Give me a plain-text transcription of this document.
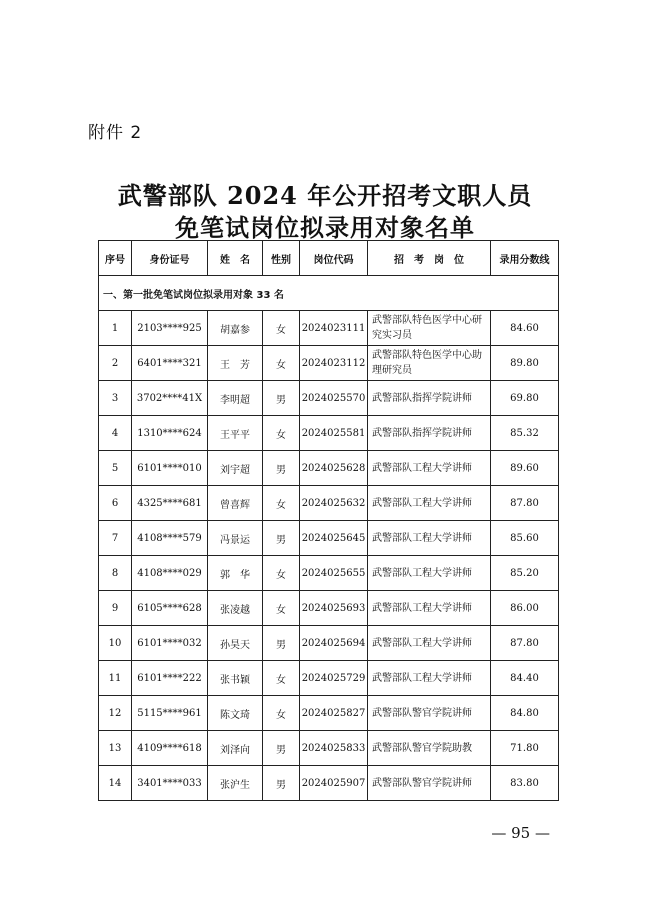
附件 2
武警部队 2024 年公开招考文职人员
免笔试岗位拟录用对象名单
序号	身份证号	姓　名	性别	岗位代码	招　考　岗　位	录用分数线
一、第一批免笔试岗位拟录用对象 33 名						
1	2103****925	胡嘉参	女	2024023111	武警部队特色医学中心研究实习员	84.60
2	6401****321	王　芳	女	2024023112	武警部队特色医学中心助理研究员	89.80
3	3702****41X	李明超	男	2024025570	武警部队指挥学院讲师	69.80
4	1310****624	王平平	女	2024025581	武警部队指挥学院讲师	85.32
5	6101****010	刘宇超	男	2024025628	武警部队工程大学讲师	89.60
6	4325****681	曾喜辉	女	2024025632	武警部队工程大学讲师	87.80
7	4108****579	冯景运	男	2024025645	武警部队工程大学讲师	85.60
8	4108****029	郭　华	女	2024025655	武警部队工程大学讲师	85.20
9	6105****628	张凌越	女	2024025693	武警部队工程大学讲师	86.00
10	6101****032	孙昊天	男	2024025694	武警部队工程大学讲师	87.80
11	6101****222	张书颖	女	2024025729	武警部队工程大学讲师	84.40
12	5115****961	陈文琦	女	2024025827	武警部队警官学院讲师	84.80
13	4109****618	刘泽向	男	2024025833	武警部队警官学院助教	71.80
14	3401****033	张沪生	男	2024025907	武警部队警官学院讲师	83.80
— 95 —
